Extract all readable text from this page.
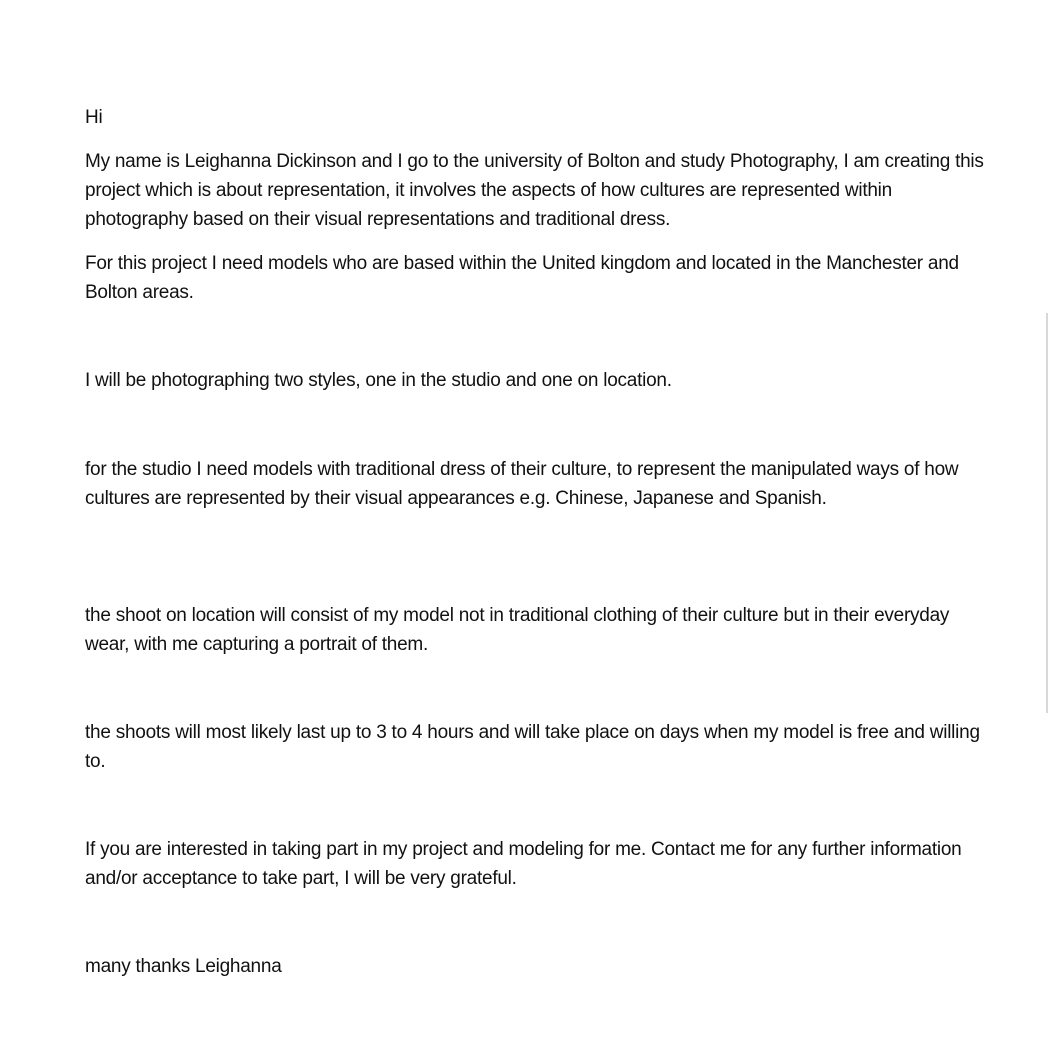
Hi

My name is Leighanna Dickinson and I go to the university of Bolton and study Photography, I am creating this project which is about representation, it involves the aspects of how cultures are represented within photography based on their visual representations and traditional dress.

For this project I need models who are based within the United kingdom and located in the Manchester and Bolton areas.

I will be photographing two styles, one in the studio and one on location.

for the studio I need models with traditional dress of their culture, to represent the manipulated ways of how cultures are represented by their visual appearances e.g. Chinese, Japanese and Spanish.

the shoot on location will consist of my model not in traditional clothing of their culture but in their everyday wear, with me capturing a portrait of them.

the shoots will most likely last up to 3 to 4 hours and will take place on days when my model is free and willing to.

If you are interested in taking part in my project and modeling for me. Contact me for any further information and/or acceptance to take part, I will be very grateful.

many thanks Leighanna
